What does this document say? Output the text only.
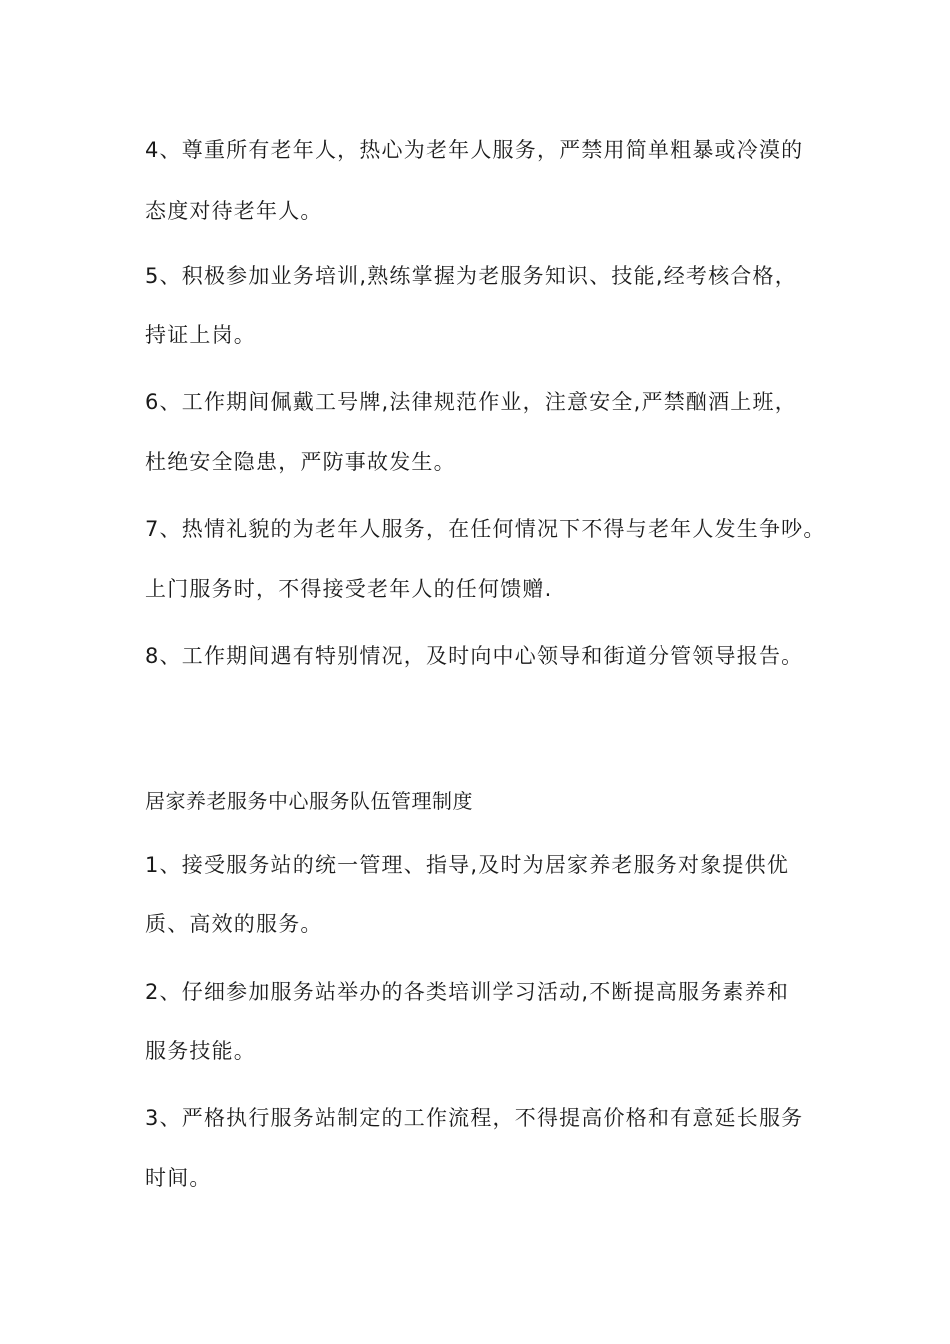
4、尊重所有老年人，热心为老年人服务，严禁用简单粗暴或冷漠的
态度对待老年人。
5、积极参加业务培训,熟练掌握为老服务知识、技能,经考核合格，
持证上岗。
6、工作期间佩戴工号牌,法律规范作业，注意安全,严禁酗酒上班，
杜绝安全隐患，严防事故发生。
7、热情礼貌的为老年人服务，在任何情况下不得与老年人发生争吵。
上门服务时，不得接受老年人的任何馈赠.
8、工作期间遇有特别情况，及时向中心领导和街道分管领导报告。
居家养老服务中心服务队伍管理制度
1、接受服务站的统一管理、指导,及时为居家养老服务对象提供优
质、高效的服务。
2、仔细参加服务站举办的各类培训学习活动,不断提高服务素养和
服务技能。
3、严格执行服务站制定的工作流程，不得提高价格和有意延长服务
时间。
